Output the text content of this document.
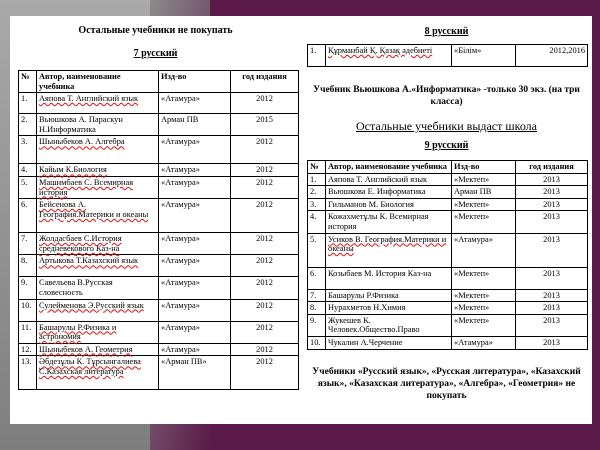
Остальные учебники не покупать

7 русский

№	Автор, наименование учебника	Изд-во	год издания
1.	Аяпова Т. Английский язык	«Атамура»	2012
2.	Вьюшкова А. Параскун Н.Информатика	Арман ПВ	2015
3.	Шыныбеков А. Алгебра	«Атамура»	2012
4.	Кайым К.Биология	«Атамура»	2012
5.	Машимбаев С. Всемирная история	«Атамура»	2012
6.	Бейсенова А. География.Материки и океаны	«Атамура»	2012
7.	Жолдасбаев С.История средневекового Каз-на	«Атамура»	2012
8.	Артыкова Т.Казахский язык	«Атамура»	2012
9.	Савельева В.Русская словесность	«Атамура»	2012
10.	Сулейменова Э.Русский язык	«Атамура»	2012
11.	Башарулы Р.Физика и астрономия	«Атамура»	2012
12.	Шыныбеков А. Геометрия	«Атамура»	2012
13.	Әбдезұлы К. Тұрсынгалиева С.Казахская литература	«Арман ПВ»	2012

8 русский

1.	Құрманбай Қ. Қазақ әдебиеті	«Білім»	2012,2016
Учебник Вьюшкова А.«Информатика» -только 30 экз. (на три класса)

Остальные учебники выдаст школа

9 русский

№	Автор, наименование учебника	Изд-во	год издания
1.	Аяпова Т. Английский язык	«Мектеп»	2013
2.	Вьюшкова Е. Информатика	Арман ПВ	2013
3.	Гильманов М. Биология	«Мектеп»	2013
4.	Кожахметұлы К. Всемирная история	«Мектеп»	2013
5.	Усиков В. География.Материки и океаны	«Атамура»	2013
6.	Козыбаев М. История Каз-на	«Мектеп»	2013
7.	Башарулы Р.Физика	«Мектеп»	2013
8.	Нурахметов Н.Химия	«Мектеп»	2013
9.	Жукешев К. Человек.Общество.Право	«Мектеп»	2013
10.	Чукалин А.Черчение	«Атамура»	2013
Учебники «Русский язык», «Русская литература», «Казахский язык», «Казахская литература», «Алгебра», «Геометрия» не покупать
